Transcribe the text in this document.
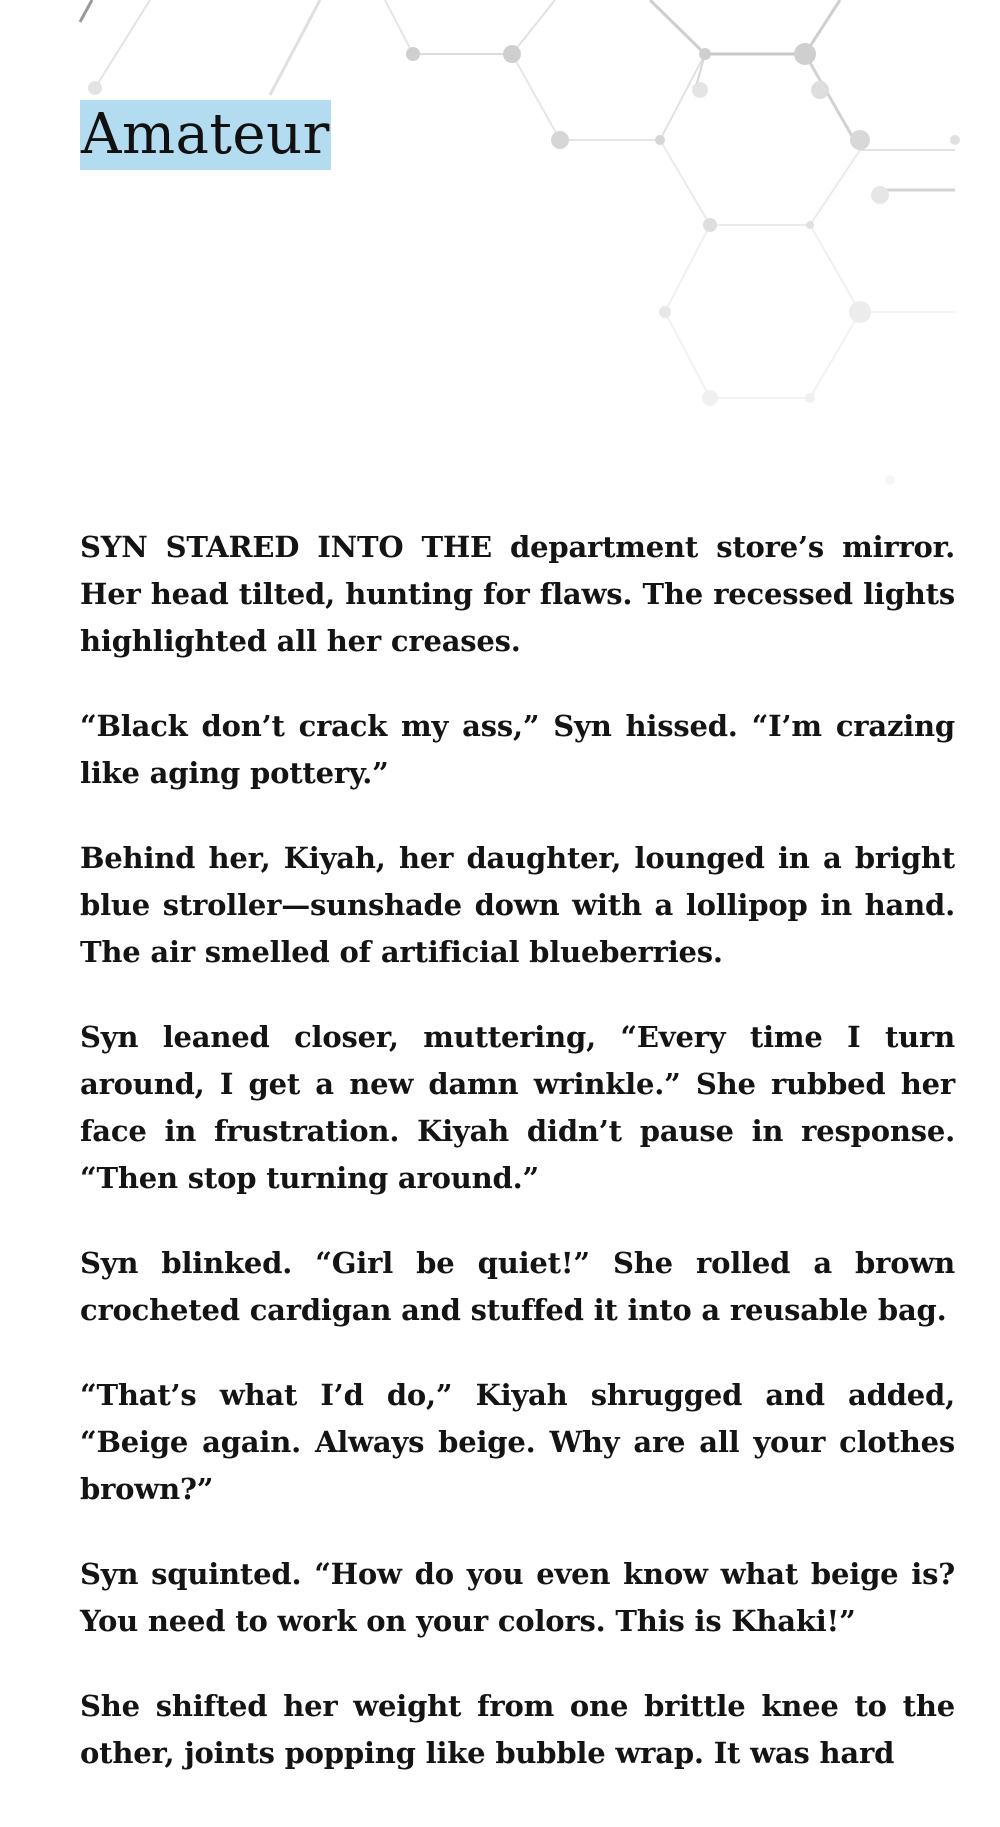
Amateur

SYN STARED INTO THE department store’s mirror. Her head tilted, hunting for flaws. The recessed lights highlighted all her creases.

“Black don’t crack my ass,” Syn hissed. “I’m crazing like aging pottery.”

Behind her, Kiyah, her daughter, lounged in a bright blue stroller—sunshade down with a lollipop in hand. The air smelled of artificial blueberries.

Syn leaned closer, muttering, “Every time I turn around, I get a new damn wrinkle.” She rubbed her face in frustration. Kiyah didn’t pause in response. “Then stop turning around.”

Syn blinked. “Girl be quiet!” She rolled a brown crocheted cardigan and stuffed it into a reusable bag.

“That’s what I’d do,” Kiyah shrugged and added, “Beige again. Always beige. Why are all your clothes brown?”

Syn squinted. “How do you even know what beige is? You need to work on your colors. This is Khaki!”

She shifted her weight from one brittle knee to the other, joints popping like bubble wrap. It was hard
